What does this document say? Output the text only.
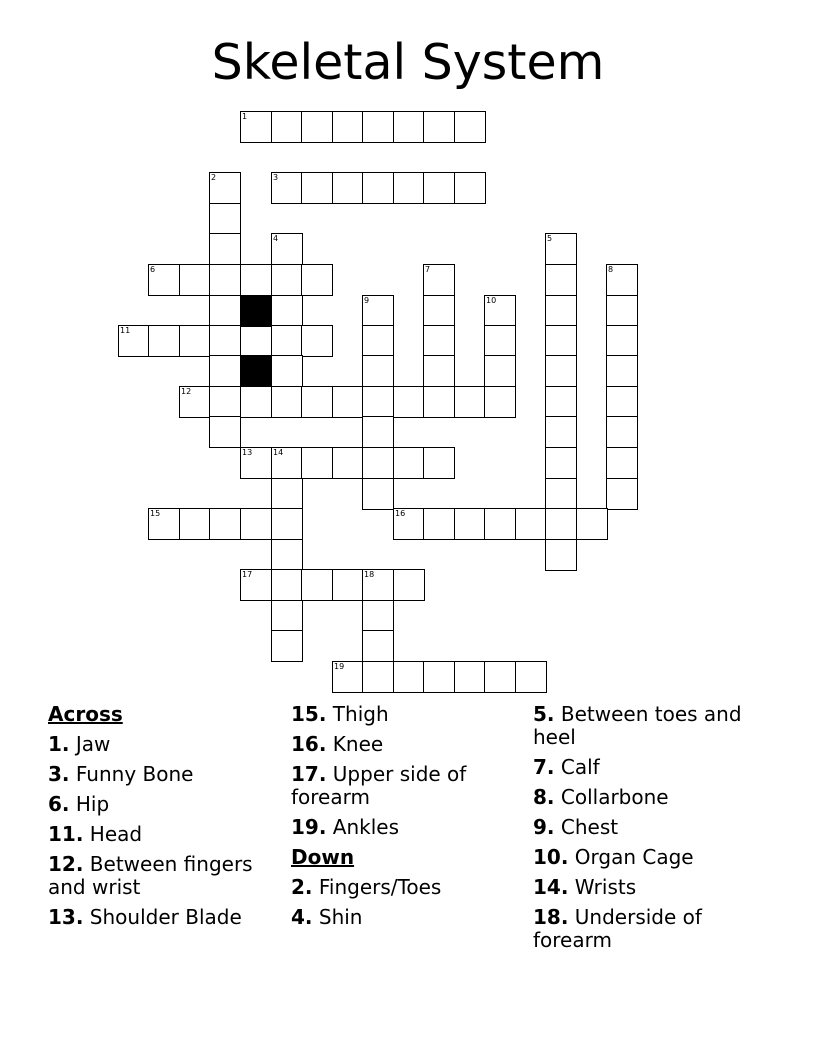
Skeletal System
1
2	3
4	5
6	7	8
9	10
11
12
13	14
15	16
17	18
19
Across
1. Jaw
3. Funny Bone
6. Hip
11. Head
12. Between fingers and wrist
13. Shoulder Blade
15. Thigh
16. Knee
17. Upper side of forearm
19. Ankles
Down
2. Fingers/Toes
4. Shin
5. Between toes and heel
7. Calf
8. Collarbone
9. Chest
10. Organ Cage
14. Wrists
18. Underside of forearm
